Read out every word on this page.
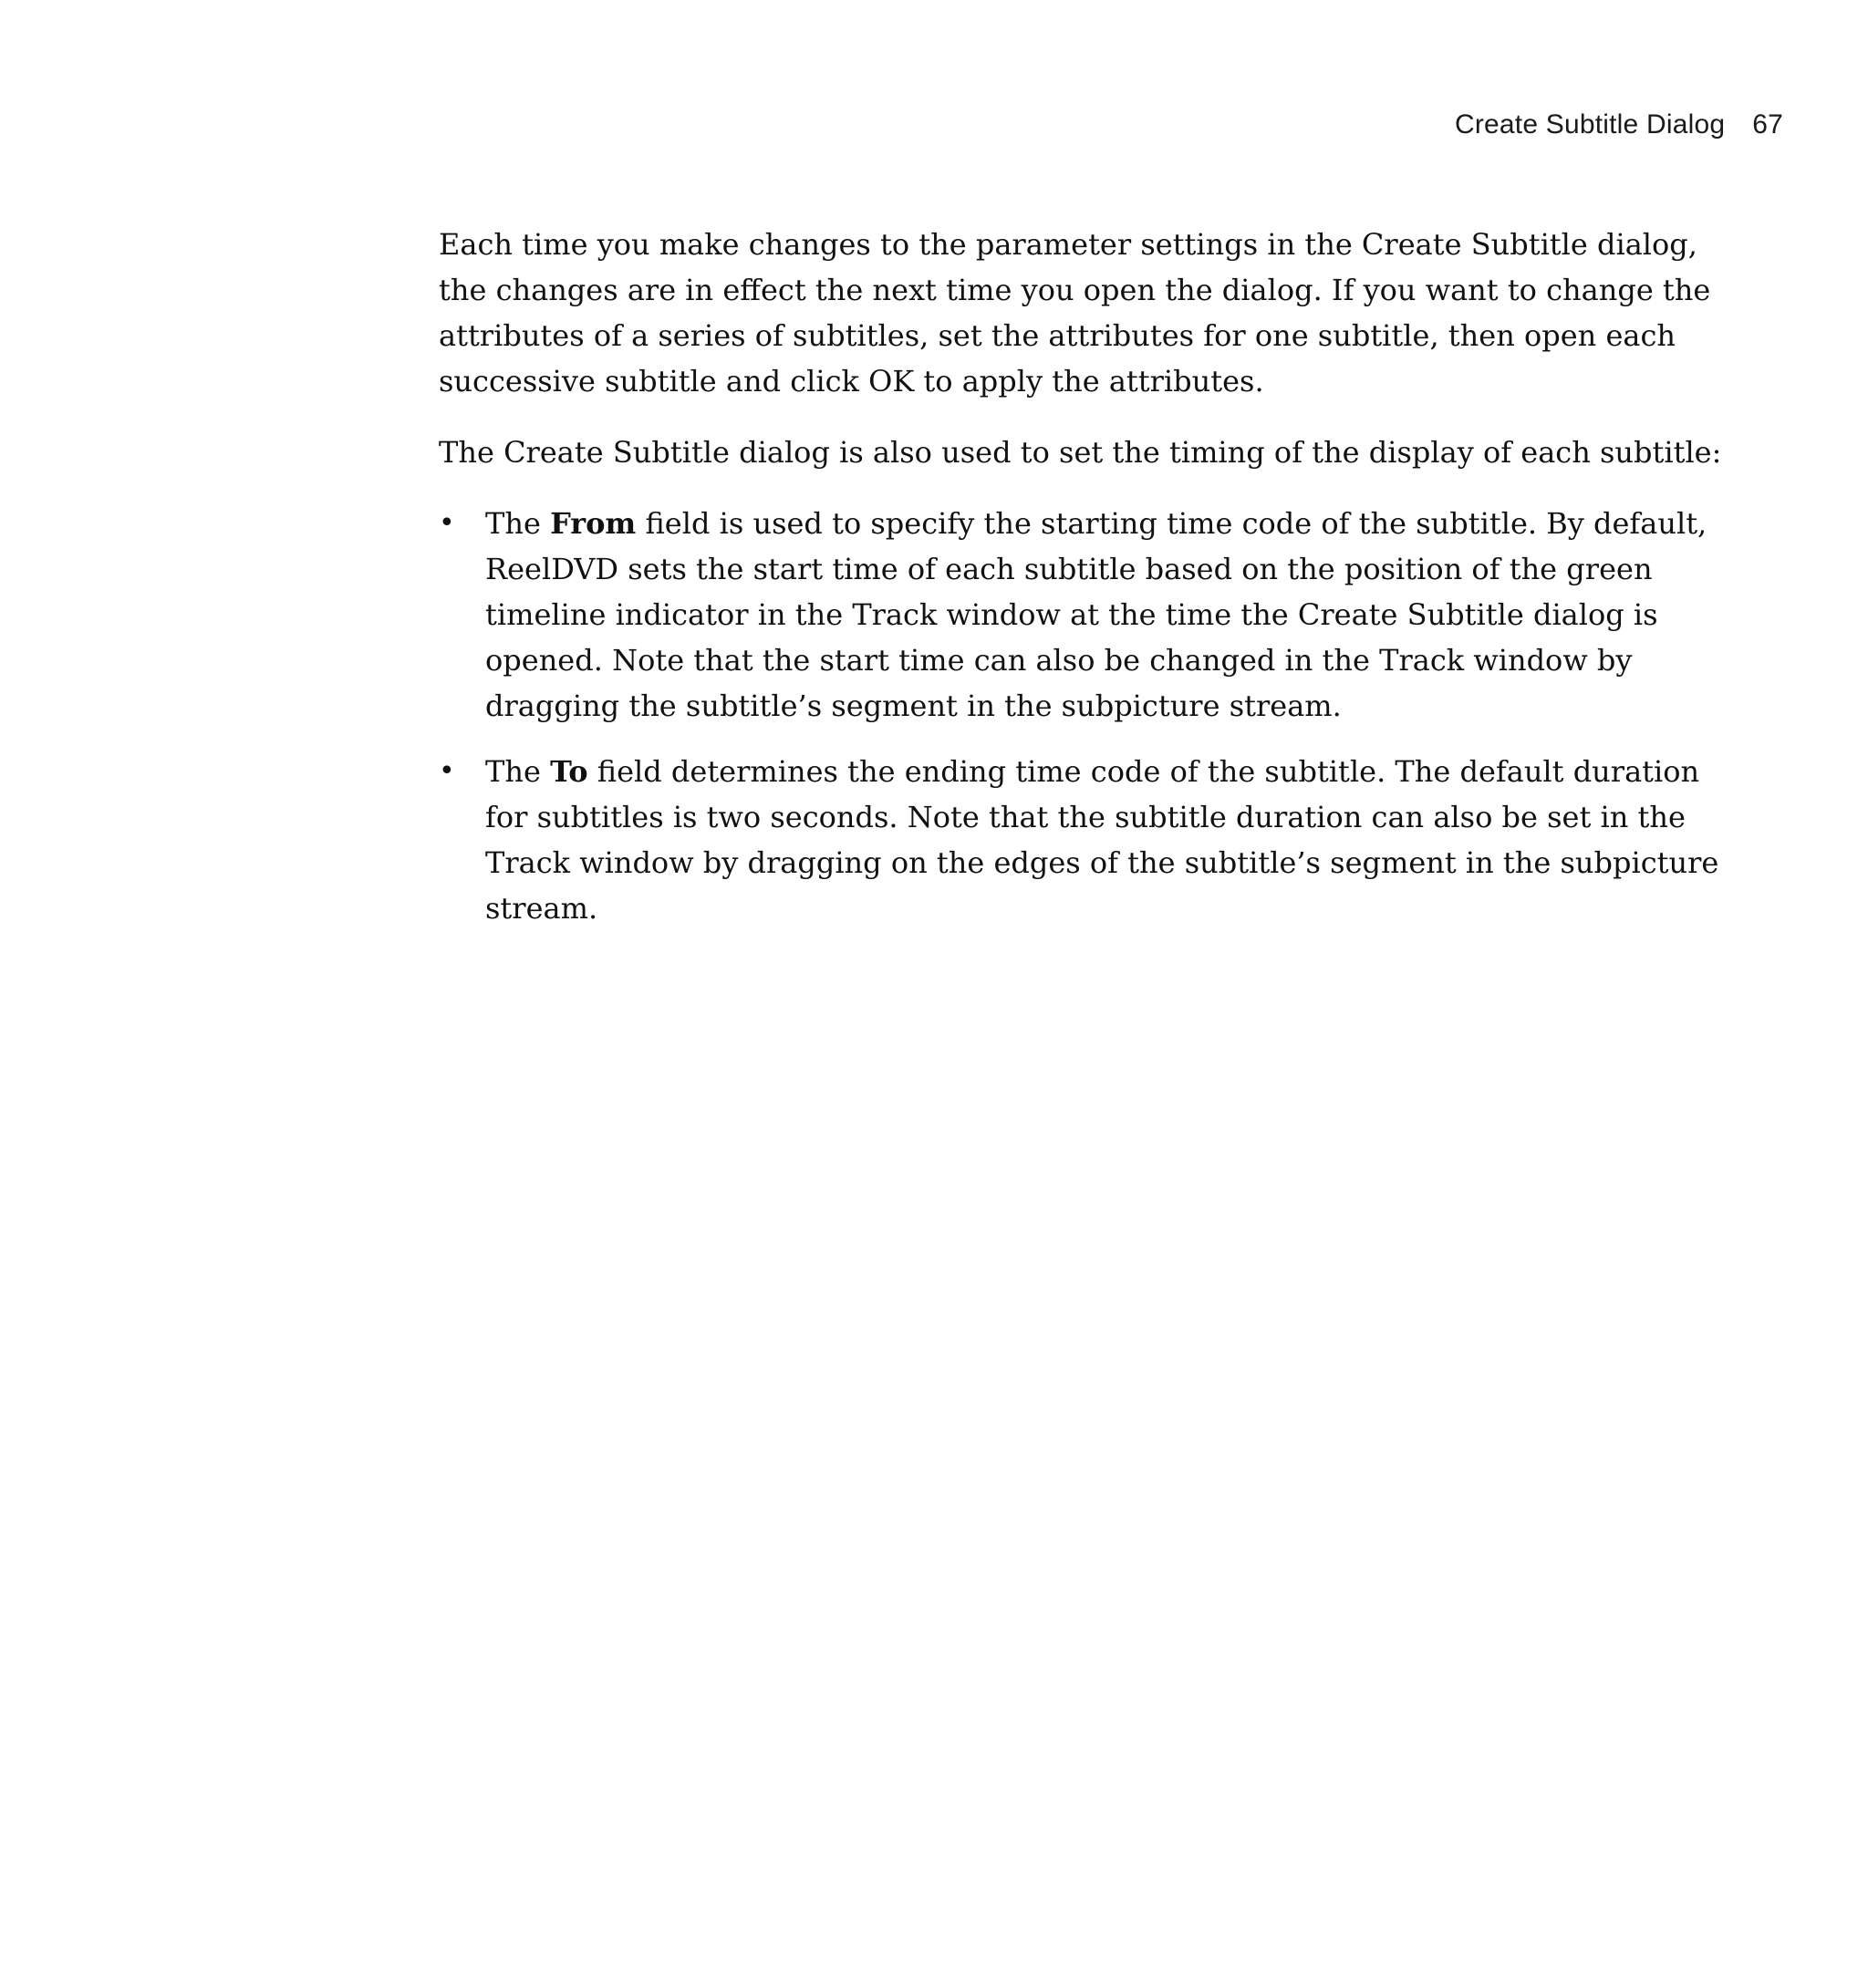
Create Subtitle Dialog 67

Each time you make changes to the parameter settings in the Create Subtitle dialog, the changes are in effect the next time you open the dialog. If you want to change the attributes of a series of subtitles, set the attributes for one subtitle, then open each successive subtitle and click OK to apply the attributes.

The Create Subtitle dialog is also used to set the timing of the display of each subtitle:

• The From field is used to specify the starting time code of the subtitle. By default, ReelDVD sets the start time of each subtitle based on the position of the green timeline indicator in the Track window at the time the Create Subtitle dialog is opened. Note that the start time can also be changed in the Track window by dragging the subtitle’s segment in the subpicture stream.
• The To field determines the ending time code of the subtitle. The default duration for subtitles is two seconds. Note that the subtitle duration can also be set in the Track window by dragging on the edges of the subtitle’s segment in the subpicture stream.
